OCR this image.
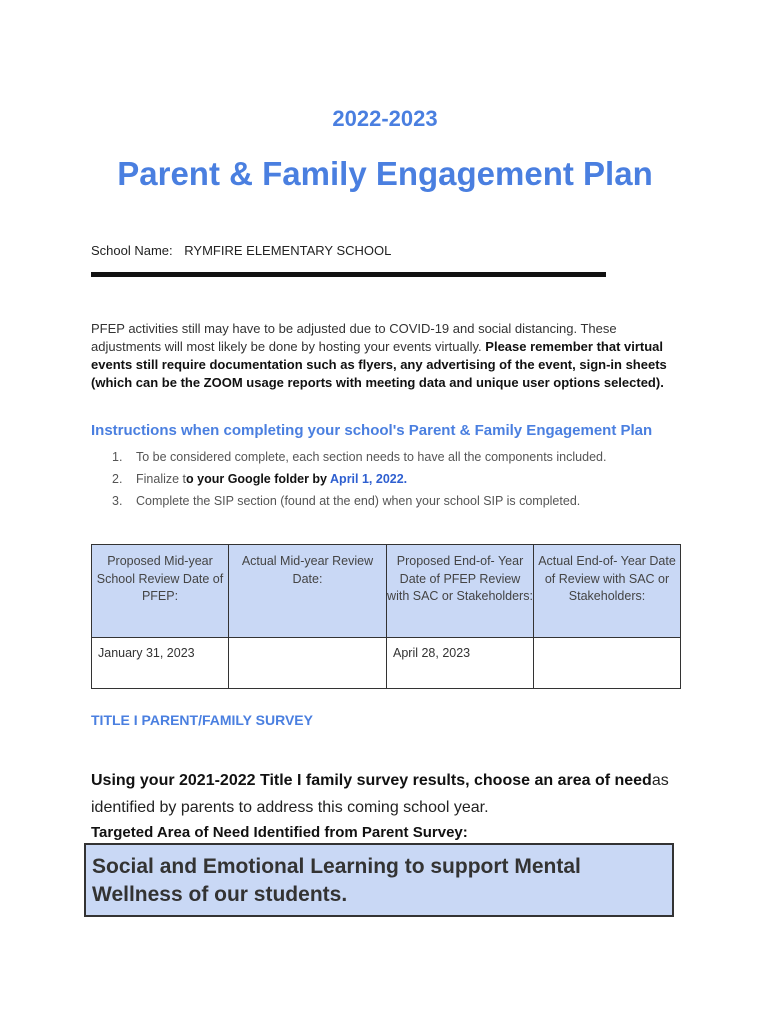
2022-2023
Parent & Family Engagement Plan
School Name: RYMFIRE ELEMENTARY SCHOOL
PFEP activities still may have to be adjusted due to COVID-19 and social distancing. These adjustments will most likely be done by hosting your events virtually. Please remember that virtual events still require documentation such as flyers, any advertising of the event, sign-in sheets (which can be the ZOOM usage reports with meeting data and unique user options selected).
Instructions when completing your school's Parent & Family Engagement Plan
1. To be considered complete, each section needs to have all the components included.
2. Finalize to your Google folder by April 1, 2022.
3. Complete the SIP section (found at the end) when your school SIP is completed.
Proposed Mid-year School Review Date of PFEP:	Actual Mid-year Review Date:	Proposed End-of- Year Date of PFEP Review with SAC or Stakeholders:	Actual End-of- Year Date of Review with SAC or Stakeholders:
January 31, 2023		April 28, 2023	
TITLE I PARENT/FAMILY SURVEY
Using your 2021-2022 Title I family survey results, choose an area of needas identified by parents to address this coming school year.
Targeted Area of Need Identified from Parent Survey:
Social and Emotional Learning to support Mental Wellness of our students.
